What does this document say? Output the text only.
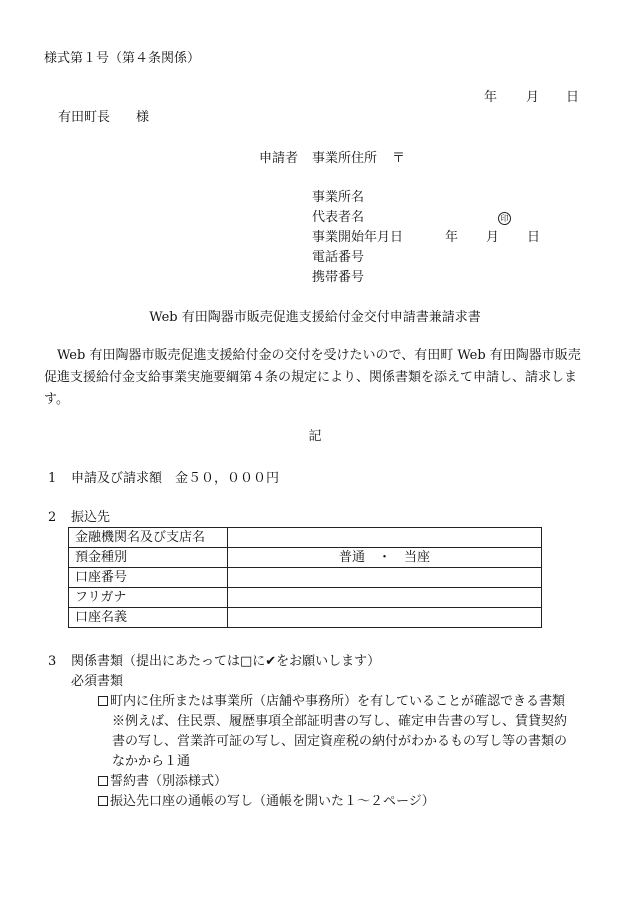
様式第１号（第４条関係）
年 月 日
有田町長　　様
申請者 事業所住所 〒
事業所名
代表者名	印
事業開始年月日	年 月 日
電話番号
携帯番号
Web 有田陶器市販売促進支援給付金交付申請書兼請求書
Web 有田陶器市販売促進支援給付金の交付を受けたいので、有田町 Web 有田陶器市販売促進支援給付金支給事業実施要綱第４条の規定により、関係書類を添えて申請し、請求します。
記
1 申請及び請求額　金５０，０００円
2 振込先
金融機関名及び支店名	
預金種別	普通　・　当座
口座番号	
フリガナ	
口座名義	
3 関係書類（提出にあたっては□に✔をお願いします）
必須書類
町内に住所または事業所（店舗や事務所）を有していることが確認できる書類
※例えば、住民票、履歴事項全部証明書の写し、確定申告書の写し、賃貸契約
書の写し、営業許可証の写し、固定資産税の納付がわかるもの写し等の書類の
なかから１通
誓約書（別添様式）
振込先口座の通帳の写し（通帳を開いた１～２ページ）
